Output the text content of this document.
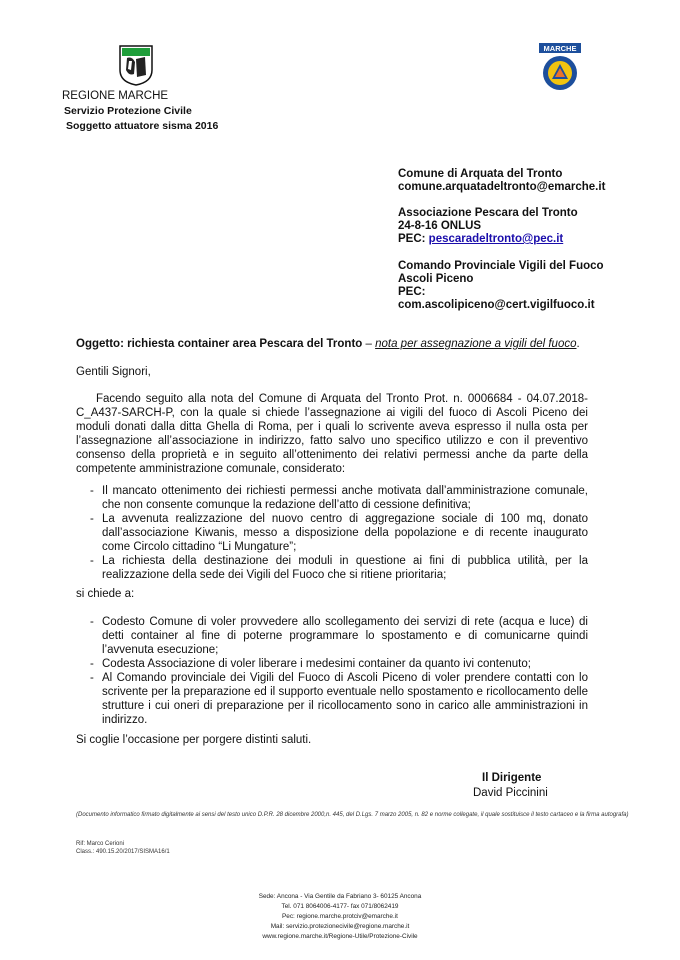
MARCHE
REGIONE MARCHE
Servizio Protezione Civile
Soggetto attuatore sisma 2016
Comune di Arquata del Tronto
comune.arquatadeltronto@emarche.it
Associazione Pescara del Tronto
24-8-16 ONLUS
PEC: pescaradeltronto@pec.it
Comando Provinciale Vigili del Fuoco
Ascoli Piceno
PEC:
com.ascolipiceno@cert.vigilfuoco.it
Oggetto: richiesta container area Pescara del Tronto – nota per assegnazione a vigili del fuoco.
Gentili Signori,
Facendo seguito alla nota del Comune di Arquata del Tronto Prot. n. 0006684 - 04.07.2018-C_A437-SARCH-P, con la quale si chiede l’assegnazione ai vigili del fuoco di Ascoli Piceno dei moduli donati dalla ditta Ghella di Roma, per i quali lo scrivente aveva espresso il nulla osta per l’assegnazione all’associazione in indirizzo, fatto salvo uno specifico utilizzo e con il preventivo consenso della proprietà e in seguito all’ottenimento dei relativi permessi anche da parte della competente amministrazione comunale, considerato:
- Il mancato ottenimento dei richiesti permessi anche motivata dall’amministrazione comunale, che non consente comunque la redazione dell’atto di cessione definitiva;
- La avvenuta realizzazione del nuovo centro di aggregazione sociale di 100 mq, donato dall’associazione Kiwanis, messo a disposizione della popolazione e di recente inaugurato come Circolo cittadino “Li Mungature”;
- La richiesta della destinazione dei moduli in questione ai fini di pubblica utilità, per la realizzazione della sede dei Vigili del Fuoco che si ritiene prioritaria;
si chiede a:
- Codesto Comune di voler provvedere allo scollegamento dei servizi di rete (acqua e luce) di detti container al fine di poterne programmare lo spostamento e di comunicarne quindi l’avvenuta esecuzione;
- Codesta Associazione di voler liberare i medesimi container da quanto ivi contenuto;
- Al Comando provinciale dei Vigili del Fuoco di Ascoli Piceno di voler prendere contatti con lo scrivente per la preparazione ed il supporto eventuale nello spostamento e ricollocamento delle strutture i cui oneri di preparazione per il ricollocamento sono in carico alle amministrazioni in indirizzo.
Si coglie l’occasione per porgere distinti saluti.
Il Dirigente
David Piccinini
(Documento informatico firmato digitalmente ai sensi del testo unico D.P.R. 28 dicembre 2000,n. 445, del D.Lgs. 7 marzo 2005, n. 82 e norme collegate, il quale sostituisce il testo cartaceo e la firma autografa)
Rif: Marco Cerioni
Class.: 490.15.20/2017/SISMA16/1
Sede: Ancona - Via Gentile da Fabriano 3- 60125 Ancona
Tel. 071 8064006-4177- fax 071/8062419
Pec: regione.marche.protciv@emarche.it
Mail: servizio.protezionecivile@regione.marche.it
www.regione.marche.it/Regione-Utile/Protezione-Civile
